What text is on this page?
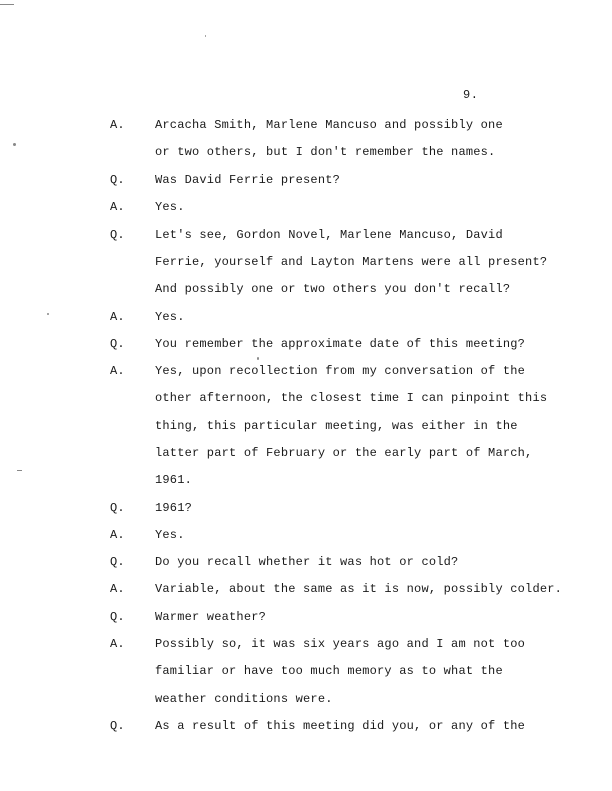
9.
A.	Arcacha Smith, Marlene Mancuso and possibly one
or two others, but I don't remember the names.
Q.	Was David Ferrie present?
A.	Yes.
Q.	Let's see, Gordon Novel, Marlene Mancuso, David
Ferrie, yourself and Layton Martens were all present?
And possibly one or two others you don't recall?
A.	Yes.
Q.	You remember the approximate date of this meeting?
A.	Yes, upon recollection from my conversation of the
other afternoon, the closest time I can pinpoint this
thing, this particular meeting, was either in the
latter part of February or the early part of March,
1961.
Q.	1961?
A.	Yes.
Q.	Do you recall whether it was hot or cold?
A.	Variable, about the same as it is now, possibly colder.
Q.	Warmer weather?
A.	Possibly so, it was six years ago and I am not too
familiar or have too much memory as to what the
weather conditions were.
Q.	As a result of this meeting did you, or any of the
